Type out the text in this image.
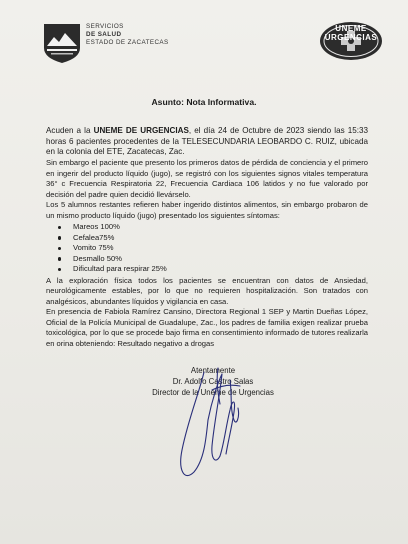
SERVICIOS
DE SALUD
ESTADO DE ZACATECAS
UNEME URGENCIAS
Asunto: Nota Informativa.

Acuden a la UNEME DE URGENCIAS, el día 24 de Octubre de 2023 siendo las 15:33 horas 6 pacientes procedentes de la TELESECUNDARIA LEOBARDO C. RUIZ, ubicada en la colonia del ETE, Zacatecas, Zac.

Sin embargo el paciente que presento los primeros datos de pérdida de conciencia y el primero en ingerir del producto líquido (jugo), se registró con los siguientes signos vitales temperatura 36° c Frecuencia Respiratoria 22, Frecuencia Cardiaca 106 latidos y no fue valorado por decisión del padre quien decidió llevárselo.

Los 5 alumnos restantes refieren haber ingerido distintos alimentos, sin embargo probaron de un mismo producto líquido (jugo) presentado los siguientes síntomas:

Mareos 100%
Cefalea75%
Vomito 75%
Desmallo 50%
Dificultad para respirar 25%

A la exploración física todos los pacientes se encuentran con datos de Ansiedad, neurológicamente estables, por lo que no requieren hospitalización. Son tratados con analgésicos, abundantes líquidos y vigilancia en casa.

En presencia de Fabiola Ramírez Cansino, Directora Regional 1 SEP y Martin Dueñas López, Oficial de la Policía Municipal de Guadalupe, Zac., los padres de familia exigen realizar prueba toxicológica, por lo que se procede bajo firma en consentimiento informado de tutores realizarla en orina obteniendo: Resultado negativo a drogas

Atentamente
Dr. Adolfo Castro Salas
Director de la Uneme de Urgencias
